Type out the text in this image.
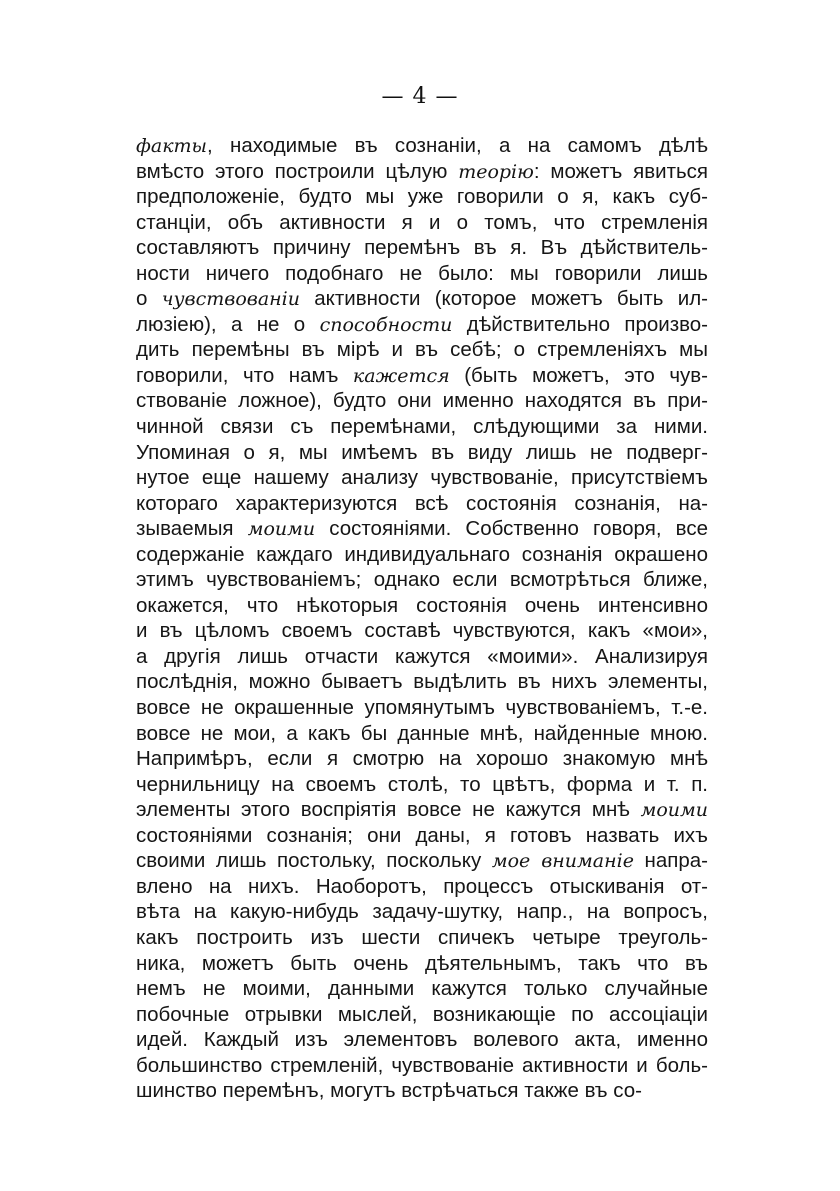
— 4 —
факты, находимые въ сознаніи, а на самомъ дѣлѣ
вмѣсто этого построили цѣлую теорію: можетъ явиться
предположеніе, будто мы уже говорили о я, какъ суб-
станціи, объ активности я и о томъ, что стремленія
составляютъ причину перемѣнъ въ я. Въ дѣйствитель-
ности ничего подобнаго не было: мы говорили лишь
о чувствованіи активности (которое можетъ быть ил-
люзіею), а не о способности дѣйствительно произво-
дить перемѣны въ мірѣ и въ себѣ; о стремленіяхъ мы
говорили, что намъ кажется (быть можетъ, это чув-
ствованіе ложное), будто они именно находятся въ при-
чинной связи съ перемѣнами, слѣдующими за ними.
Упоминая о я, мы имѣемъ въ виду лишь не подверг-
нутое еще нашему анализу чувствованіе, присутствіемъ
котораго характеризуются всѣ состоянія сознанія, на-
зываемыя моими состояніями. Собственно говоря, все
содержаніе каждаго индивидуальнаго сознанія окрашено
этимъ чувствованіемъ; однако если всмотрѣться ближе,
окажется, что нѣкоторыя состоянія очень интенсивно
и въ цѣломъ своемъ составѣ чувствуются, какъ «мои»,
а другія лишь отчасти кажутся «моими». Анализируя
послѣднія, можно бываетъ выдѣлить въ нихъ элементы,
вовсе не окрашенные упомянутымъ чувствованіемъ, т.-е.
вовсе не мои, а какъ бы данные мнѣ, найденные мною.
Напримѣръ, если я смотрю на хорошо знакомую мнѣ
чернильницу на своемъ столѣ, то цвѣтъ, форма и т. п.
элементы этого воспріятія вовсе не кажутся мнѣ моими
состояніями сознанія; они даны, я готовъ назвать ихъ
своими лишь постольку, поскольку мое вниманіе напра-
влено на нихъ. Наоборотъ, процессъ отыскиванія от-
вѣта на какую-нибудь задачу-шутку, напр., на вопросъ,
какъ построить изъ шести спичекъ четыре треуголь-
ника, можетъ быть очень дѣятельнымъ, такъ что въ
немъ не моими, данными кажутся только случайные
побочные отрывки мыслей, возникающіе по ассоціаціи
идей. Каждый изъ элементовъ волевого акта, именно
большинство стремленій, чувствованіе активности и боль-
шинство перемѣнъ, могутъ встрѣчаться также въ со-
